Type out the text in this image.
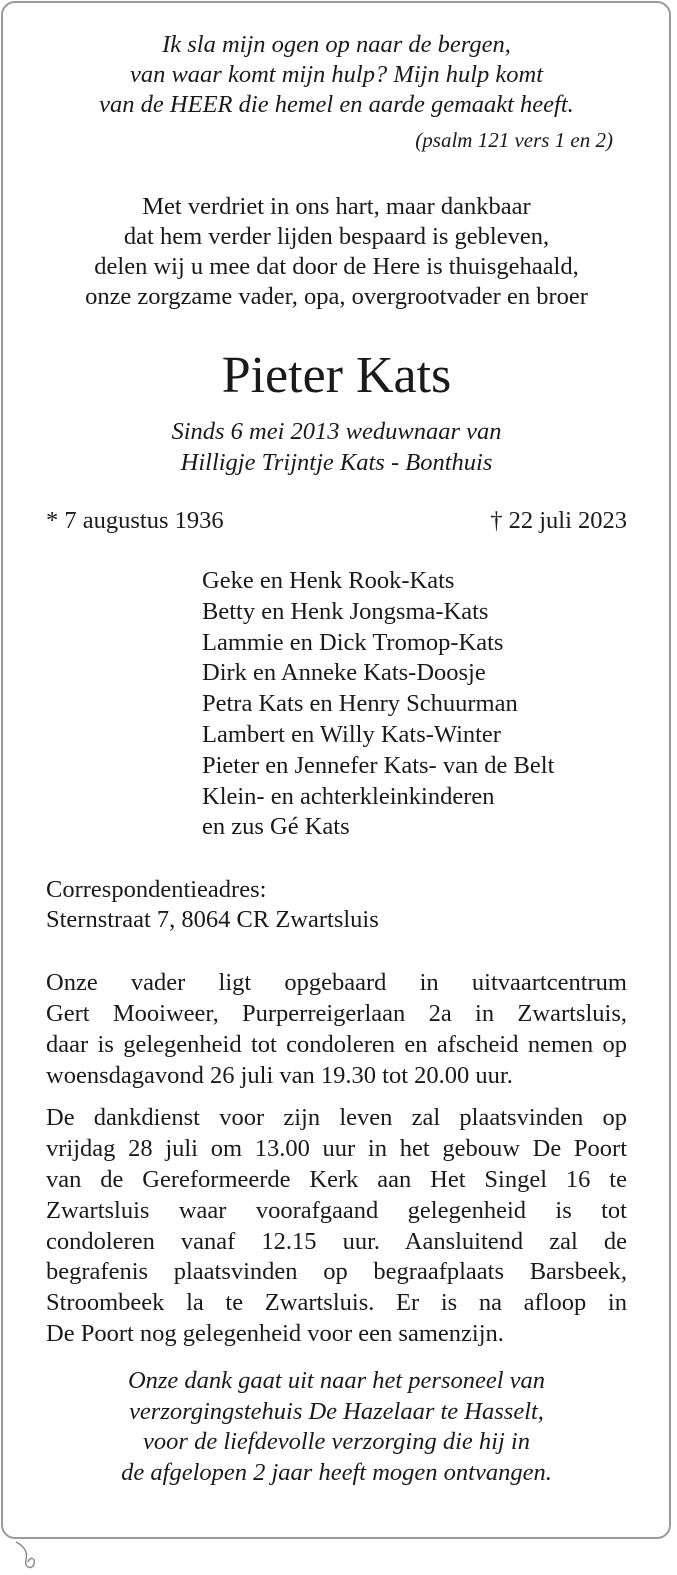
Ik sla mijn ogen op naar de bergen,
van waar komt mijn hulp? Mijn hulp komt
van de HEER die hemel en aarde gemaakt heeft.
(psalm 121 vers 1 en 2)
Met verdriet in ons hart, maar dankbaar
dat hem verder lijden bespaard is gebleven,
delen wij u mee dat door de Here is thuisgehaald,
onze zorgzame vader, opa, overgrootvader en broer
Pieter Kats
Sinds 6 mei 2013 weduwnaar van
Hilligje Trijntje Kats - Bonthuis
* 7 augustus 1936	† 22 juli 2023
Geke en Henk Rook-Kats
Betty en Henk Jongsma-Kats
Lammie en Dick Tromop-Kats
Dirk en Anneke Kats-Doosje
Petra Kats en Henry Schuurman
Lambert en Willy Kats-Winter
Pieter en Jennefer Kats- van de Belt
Klein- en achterkleinkinderen
en zus Gé Kats
Correspondentieadres:
Sternstraat 7, 8064 CR Zwartsluis
Onze vader ligt opgebaard in uitvaartcentrum
Gert Mooiweer, Purperreigerlaan 2a in Zwartsluis,
daar is gelegenheid tot condoleren en afscheid nemen op
woensdagavond 26 juli van 19.30 tot 20.00 uur.
De dankdienst voor zijn leven zal plaatsvinden op
vrijdag 28 juli om 13.00 uur in het gebouw De Poort
van de Gereformeerde Kerk aan Het Singel 16 te
Zwartsluis waar voorafgaand gelegenheid is tot
condoleren vanaf 12.15 uur. Aansluitend zal de
begrafenis plaatsvinden op begraafplaats Barsbeek,
Stroombeek la te Zwartsluis. Er is na afloop in
De Poort nog gelegenheid voor een samenzijn.
Onze dank gaat uit naar het personeel van
verzorgingstehuis De Hazelaar te Hasselt,
voor de liefdevolle verzorging die hij in
de afgelopen 2 jaar heeft mogen ontvangen.
